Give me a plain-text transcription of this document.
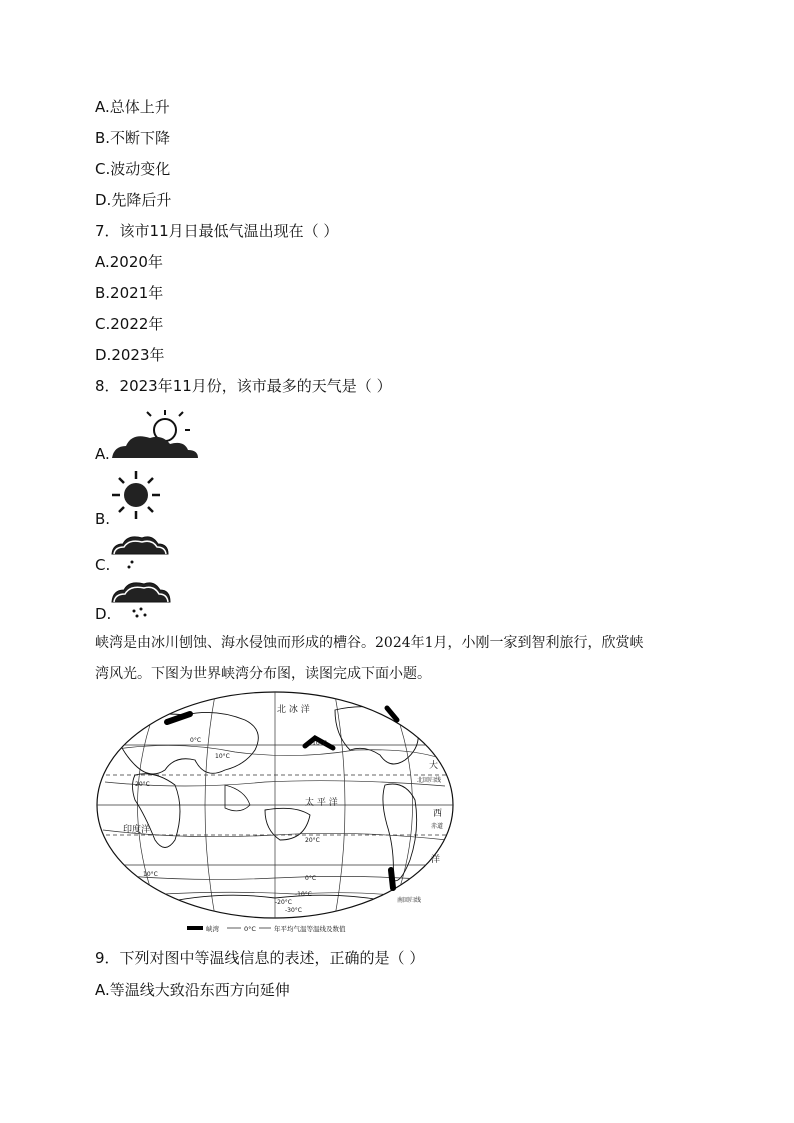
A.总体上升
B.不断下降
C.波动变化
D.先降后升
7．该市11月日最低气温出现在（ ）
A.2020年
B.2021年
C.2022年
D.2023年
8．2023年11月份，该市最多的天气是（ ）
A.
B.
C.
D.
峡湾是由冰川刨蚀、海水侵蚀而形成的槽谷。2024年1月，小刚一家到智利旅行，欣赏峡
湾风光。下图为世界峡湾分布图，读图完成下面小题。
北 冰 洋
太 平 洋
印度洋
大
西
洋
北回归线
赤道
南回归线
10°C
0°C
20°C
20°C
10°C
0°C
-10°C
-20°C
-30°C
-10°C
峡湾	0°C	年平均气温等温线及数值
9．下列对图中等温线信息的表述，正确的是（ ）
A.等温线大致沿东西方向延伸
